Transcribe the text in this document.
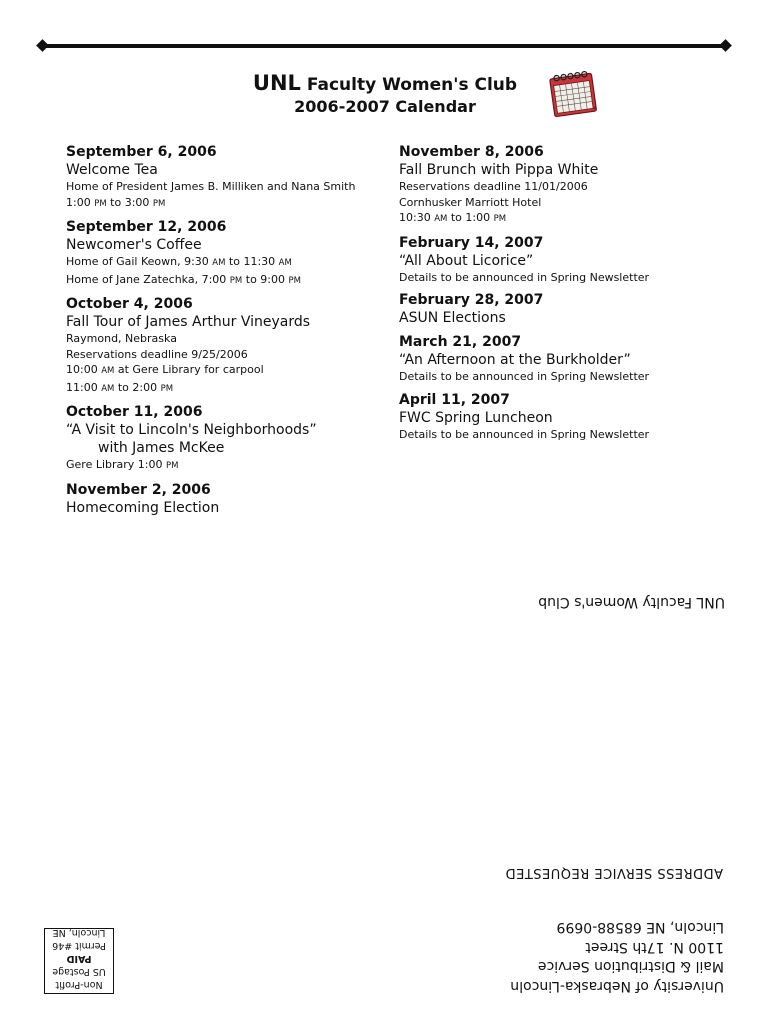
UNL Faculty Women's Club
2006-2007 Calendar
September 6, 2006
Welcome Tea
Home of President James B. Milliken and Nana Smith
1:00 PM to 3:00 PM
September 12, 2006
Newcomer's Coffee
Home of Gail Keown, 9:30 AM to 11:30 AM
Home of Jane Zatechka, 7:00 PM to 9:00 PM
October 4, 2006
Fall Tour of James Arthur Vineyards
Raymond, Nebraska
Reservations deadline 9/25/2006
10:00 AM at Gere Library for carpool
11:00 AM to 2:00 PM
October 11, 2006
“A Visit to Lincoln's Neighborhoods”
with James McKee
Gere Library 1:00 PM
November 2, 2006
Homecoming Election
November 8, 2006
Fall Brunch with Pippa White
Reservations deadline 11/01/2006
Cornhusker Marriott Hotel
10:30 AM to 1:00 PM
February 14, 2007
“All About Licorice”
Details to be announced in Spring Newsletter
February 28, 2007
ASUN Elections
March 21, 2007
“An Afternoon at the Burkholder”
Details to be announced in Spring Newsletter
April 11, 2007
FWC Spring Luncheon
Details to be announced in Spring Newsletter
UNL Faculty Women's Club
ADDRESS SERVICE REQUESTED
University of Nebraska-Lincoln
Mail & Distribution Service
1100 N. 17th Street
Lincoln, NE 68588-0699
Non-Profit
US Postage
PAID
Permit #46
Lincoln, NE
